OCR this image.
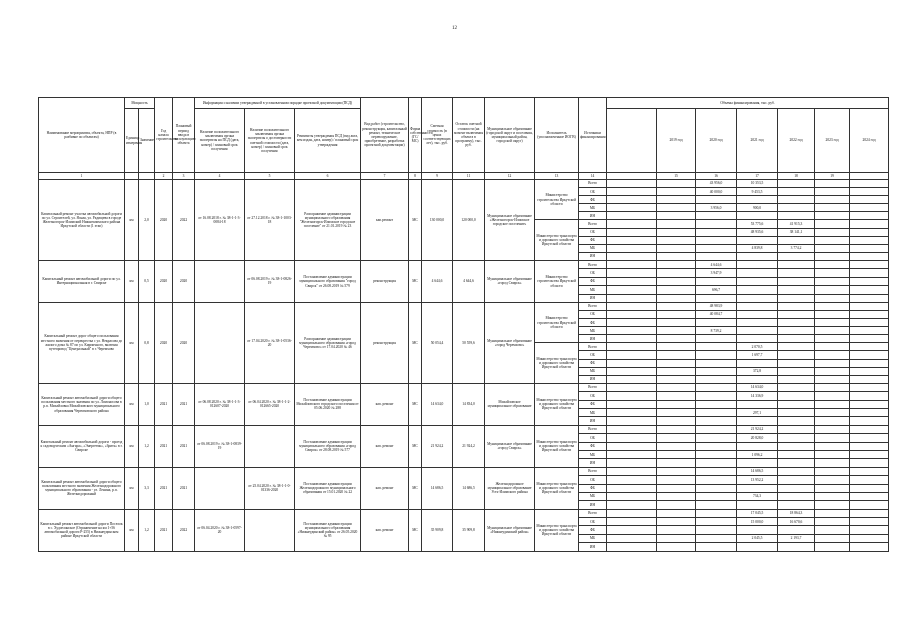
12
Наименование мероприятия, объекта, НПР (в разбивке по объектам)	Мощность		Год начала строительства	Плановый период ввода в эксплуатацию объекта	Информация о наличии утвержденной в установленном порядке проектной документации (ПСД)			Вид работ (строительство, реконструкция, капитальный ремонт, техническое перевооружение, приобретение, разработка проектной документации)	Форма собственности (ГС/МС)	Сметная стоимость (в ценах соответствующих лет), тыс. руб.	Остаток сметной стоимости (на момент включения объекта в программу), тыс. руб.	Муниципальное образование (городской округ и поселения, муниципальный район, городской округ)	Исполнитель (уполномоченное ИОГВ)	Источники финансирования	Объемы финансирования, тыс. руб.						
	Единица измерения	Значение			Наличие положительного заключения органа экспертизы на ПСД (дата, номер) / плановый срок получения	Наличие положительного заключения органа экспертизы о достоверности сметной стоимости (дата, номер) / плановый срок получения	Реквизиты утверждения ПСД (вид акта, кем издан, дата, номер) / плановый срок утверждения									2019 год	2020 год	2021 год	2022 год	2023 год	2024 год
1			2	3	4	5	6	7	8	9	11	12	13	14		15	16	17	18	19	
Капитальный ремонт участка автомобильной дороги по ул. Строителей, ул. Ясная, ул. Радищева в городе Железногорск-Илимский Нижнеилимского района Иркутской области (1 этап)	км	2,0	2020	2022	от 16.08.2018 г. № 38-1-1-3-0084-18	от 27.12.2018 г. № 38-1-1003-18	Распоряжение администрации муниципального образования "Железногорск-Илимское городское поселение" от 21.01.2019 № 23	кап.ремонт	МС	130 000,0	120 000,0	Муниципальное образование «Железногорск-Илимское городское поселение»	Министерство строительства Иркутской области	Всего			43 956,0	10 353,5			
														ОБ			40 000,0	9 453,5			
														ФБ							
														МБ			3 956,0	900,0			
														ИН							
													Министерство транспорта и дорожного хозяйства Иркутской области	Всего				53 775,6	41 915,3		
														ОБ				48 935,6	38 141,1		
														ФБ							
														МБ				4 839,8	3 774,2		
														ИН							
Капитальный ремонт автомобильной дороги по ул. Интернациональная в г. Свирске	км	0,5	2020	2020		от 06.08.2019 г. № 38-1-0826-19	Постановление администрации муниципального образования "город Свирск" от 26.08.2019 № 579	реконструкция	МС	4 644,6	4 644,6	Муниципальное образование «город Свирск»	Министерство строительства Иркутской области	Всего			4 644,6				
														ОБ			3 947,9				
														ФБ							
														МБ			696,7				
														ИН							
Капитальный ремонт дорог общего пользования местного значения от перекрестка с ул. Некрасова до жилого дома № 87 по ул. Кирпичного, включая путепровод "Центральный" в г. Черемхово	км	0,8	2020	2020		от 17.04.2020 г. № 38-1-0536-20	Распоряжение администрации муниципального образования «город Черемхово» от 17.04.2020 № 46	реконструкция	МС	50 054,4	50 559,6	Муниципальное образование «город Черемхово»	Министерство строительства Иркутской области	Всего			48 983,9				
														ОБ			40 084,7				
														ФБ							
														МБ			8 739,2				
														ИН							
													Министерство транспорта и дорожного хозяйства Иркутской области	Всего				2 070,5			
														ОБ				1 697,7			
														ФБ							
														МБ				372,8			
														ИН							
Капитальный ремонт автомобильной дороги общего пользования местного значения по ул. Ломоносова в р.п. Михайловка Михайловского муниципального образования Черемховского района	км	1,0	2021	2021	от 06.08.2020 г. № 38-1-1-3-012607-2020	от 06.04.2020 г. № 38-1-1-2-012665-2020	Постановление администрации Михайловского городского поселения от 05.06.2020 № 288	кап. ремонт	МС	14 634,0	14 834,0	Михайловское муниципальное образование	Министерство транспорта и дорожного хозяйства Иркутской области	Всего				14 634,0			
														ОБ				14 336,9			
														ФБ							
														МБ				297,1			
														ИН							
Капитальный ремонт автомобильной дороги - проезд к садоводческим «Ангара», «Энергетик», «Зрить» в г. Свирске	км	1,2	2021	2021	от 06.08.2019 г. № 38-1-0839-19		Постановление администрации муниципального образования «город Свирск» от 28.08.2019 № 577	кап. ремонт	МС	21 924,2	21 924,2	Муниципальное образование «город Свирск»	Министерство транспорта и дорожного хозяйства Иркутской области	Всего				21 924,2			
														ОБ				20 828,0			
														ФБ							
														МБ				1 096,2			
														ИН							
Капитальный ремонт автомобильной дороги общего пользования местного значения Железнодорожного муниципального образования - ул. Ленина, р.п. Железнодорожный	км	3,3	2021	2021		от 25.04.2020 г. № 38-1-1-0-01336-2020	Постановление администрации Железнодорожного муниципального образования от 15.01.2020 № 22	кап. ремонт	МС	14 686,5	14 686,5	Железнодорожное муниципальное образование Усть-Илимского района	Министерство транспорта и дорожного хозяйства Иркутской области	Всего				14 686,5			
														ОБ				13 952,2			
														ФБ							
														МБ				734,3			
														ИН							
Капитальный ремонт автомобильной дороги Поселок в с. Худоеланское (Ограничение на км 1+56 автомобильной дороги Р-255) в Нижнеудинском районе Иркутской области	км	1,2	2021	2022	от 06.04.2020 г. № 38-1-0597-20		Постановление администрации муниципального образования «Нижнеудинский район» от 26.05.2020 № 95	кап. ремонт	МС	35 909,8	35 909,8	Муниципальное образование «Нижнеудинский район»	Министерство транспорта и дорожного хозяйства Иркутской области	Всего				17 045,5	18 864,3		
														ОБ				15 000,0	16 670,6		
														ФБ							
														МБ				2 045,5	2 193,7		
														ИН							
